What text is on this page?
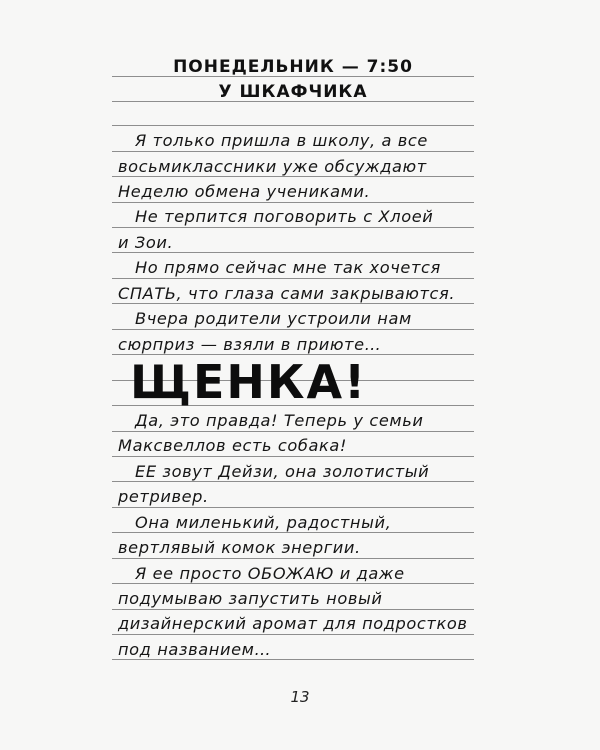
ПОНЕДЕЛЬНИК — 7:50
У ШКАФЧИКА
Я только пришла в школу, а все
восьмиклассники уже обсуждают
Неделю обмена учениками.
Не терпится поговорить с Хлоей
и Зои.
Но прямо сейчас мне так хочется
СПАТЬ, что глаза сами закрываются.
Вчера родители устроили нам
сюрприз — взяли в приюте…
ЩЕНКА!
Да, это правда! Теперь у семьи
Максвеллов есть собака!
ЕЕ зовут Дейзи, она золотистый
ретривер.
Она миленький, радостный,
вертлявый комок энергии.
Я ее просто ОБОЖАЮ и даже
подумываю запустить новый
дизайнерский аромат для подростков
под названием…
13
